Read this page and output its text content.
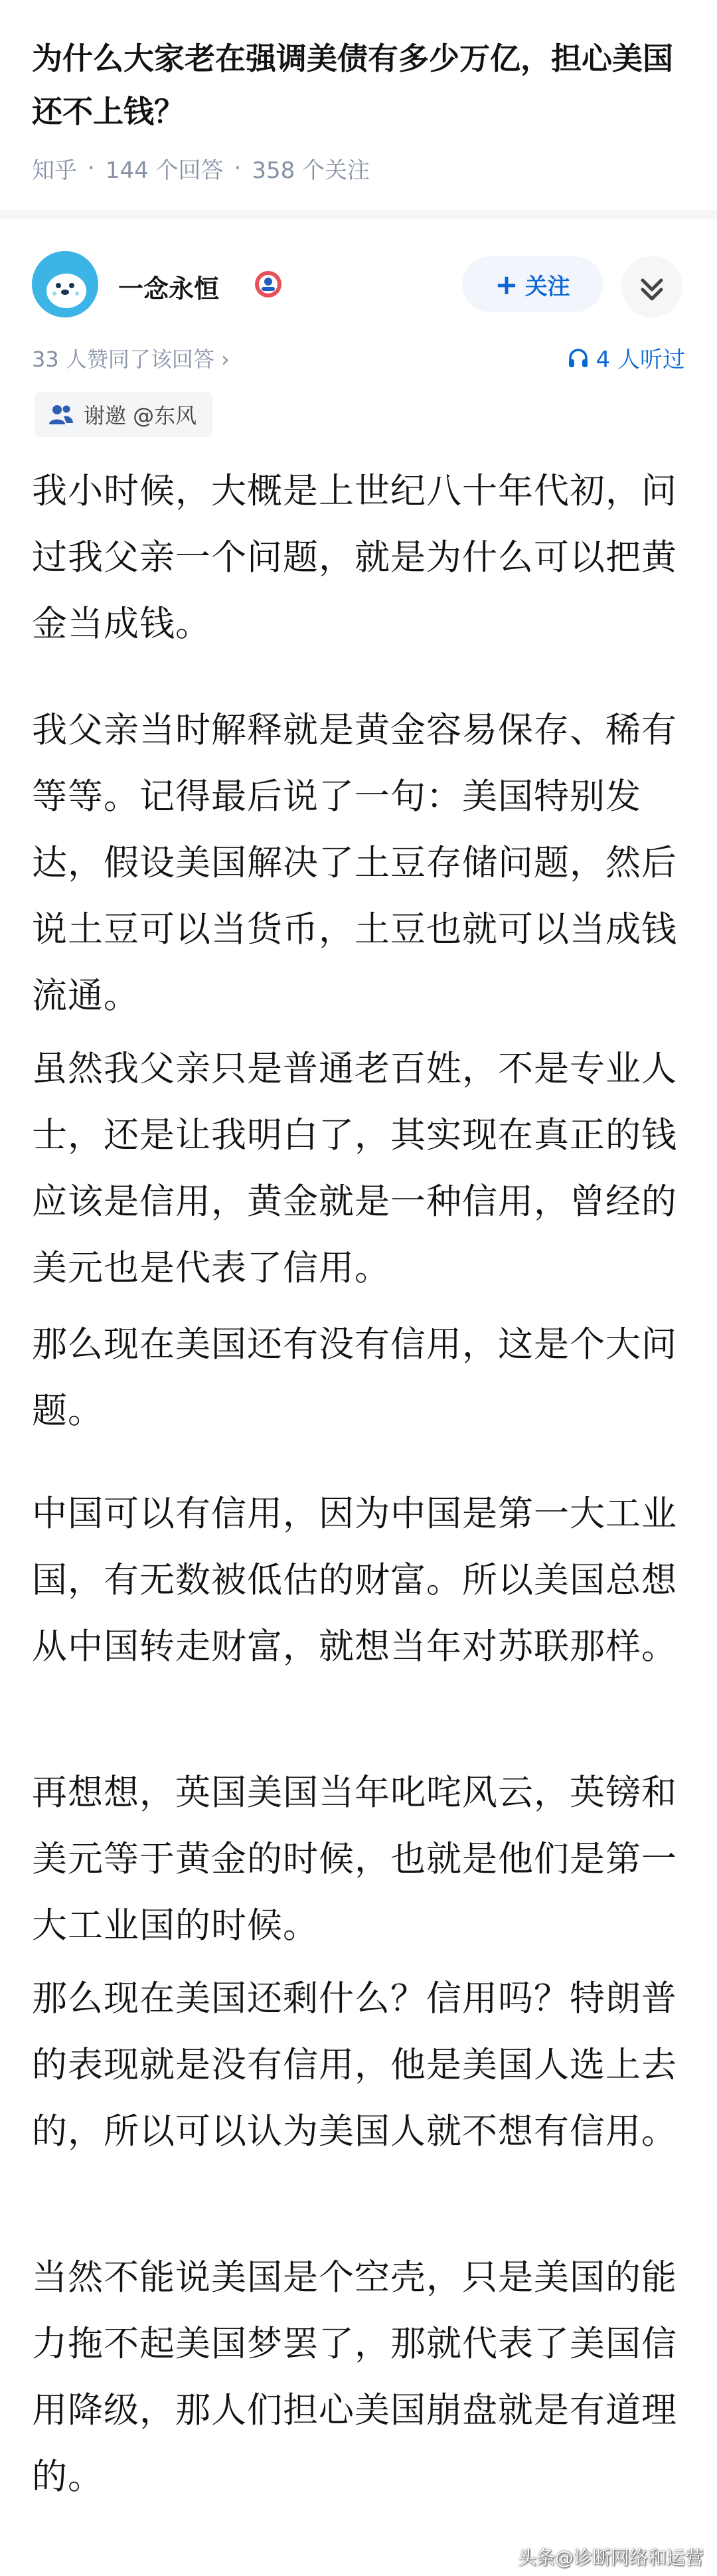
为什么大家老在强调美债有多少万亿，担心美国还不上钱？
知乎 · 144 个回答 · 358 个关注
一念永恒	+ 关注
33 人赞同了该回答 ›	4 人听过
谢邀 @东风

我小时候，大概是上世纪八十年代初，问过我父亲一个问题，就是为什么可以把黄金当成钱。

我父亲当时解释就是黄金容易保存、稀有等等。记得最后说了一句：美国特别发达，假设美国解决了土豆存储问题，然后说土豆可以当货币，土豆也就可以当成钱流通。

虽然我父亲只是普通老百姓，不是专业人士，还是让我明白了，其实现在真正的钱应该是信用，黄金就是一种信用，曾经的美元也是代表了信用。

那么现在美国还有没有信用，这是个大问题。

中国可以有信用，因为中国是第一大工业国，有无数被低估的财富。所以美国总想从中国转走财富，就想当年对苏联那样。

再想想，英国美国当年叱咤风云，英镑和美元等于黄金的时候，也就是他们是第一大工业国的时候。

那么现在美国还剩什么？信用吗？特朗普的表现就是没有信用，他是美国人选上去的，所以可以认为美国人就不想有信用。

当然不能说美国是个空壳，只是美国的能力拖不起美国梦罢了，那就代表了美国信用降级，那人们担心美国崩盘就是有道理的。

头条@诊断网络和运营
